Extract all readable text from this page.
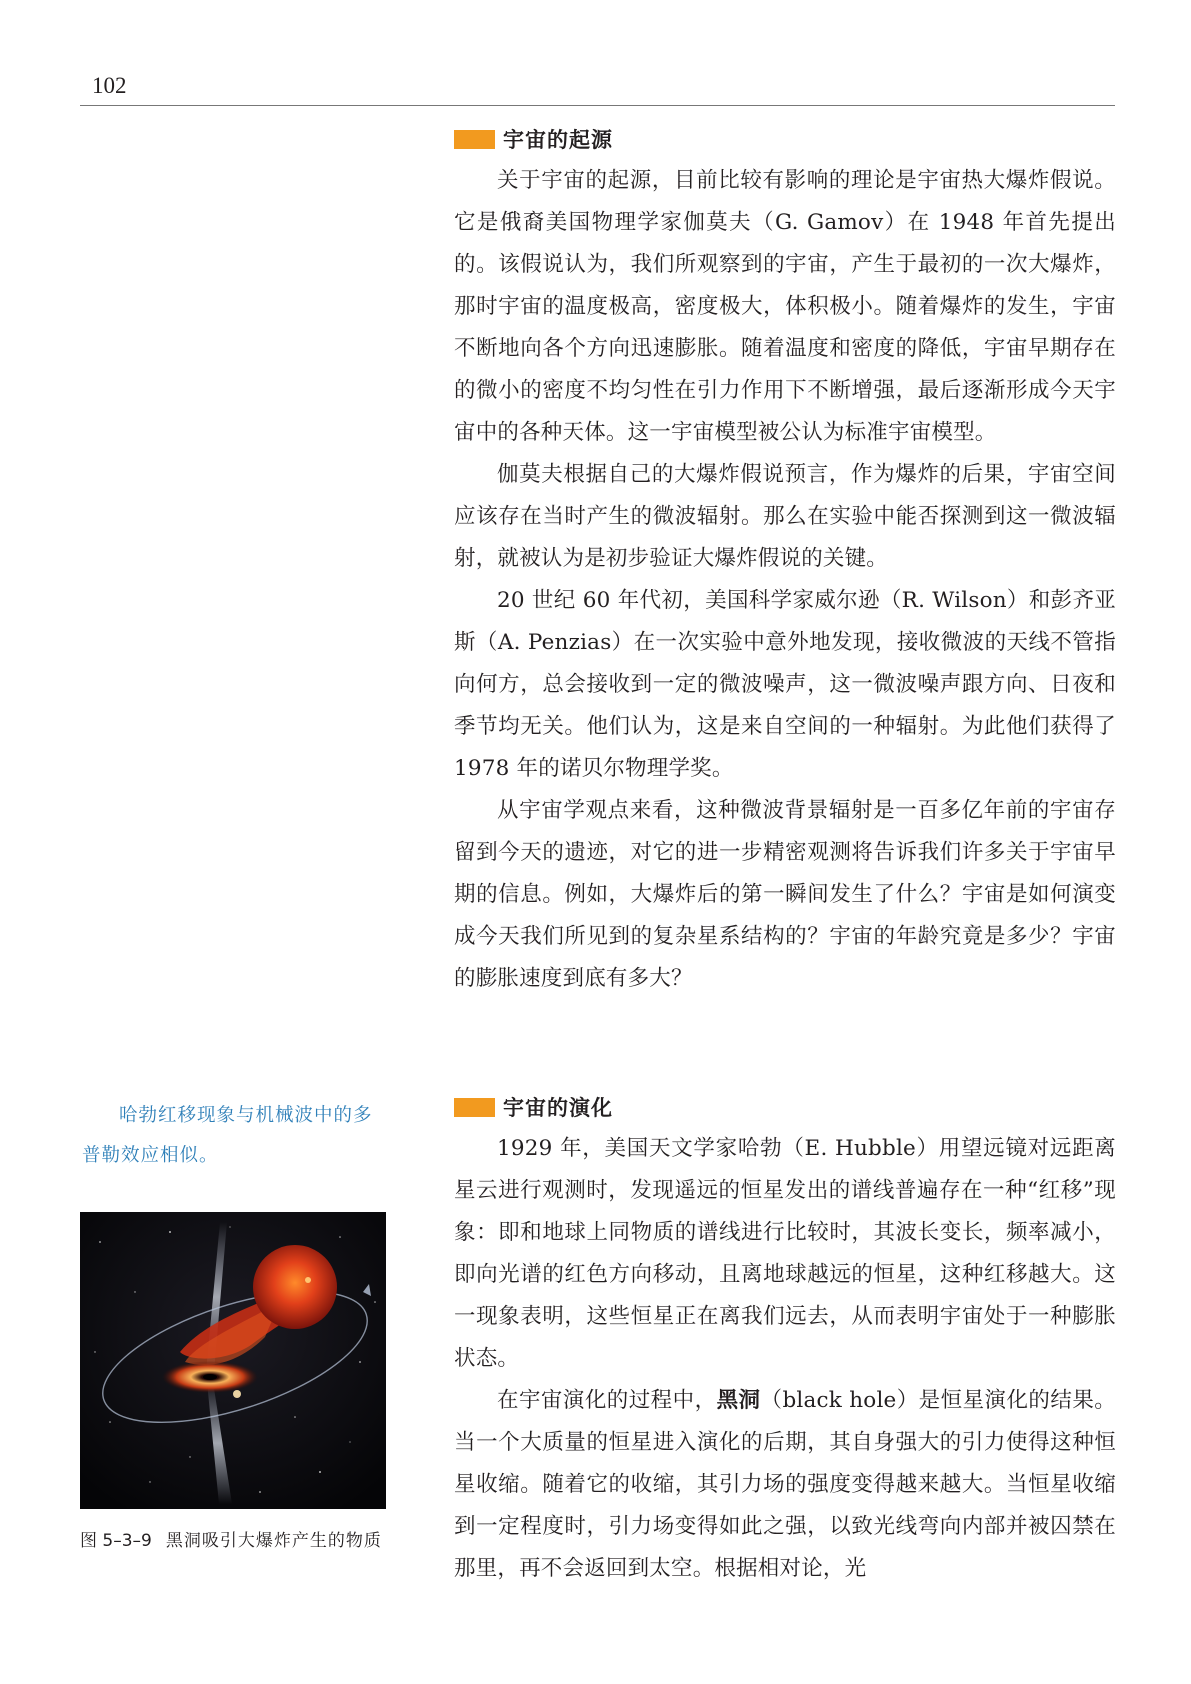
102
宇宙的起源

关于宇宙的起源，目前比较有影响的理论是宇宙热大爆炸假说。它是俄裔美国物理学家伽莫夫（G. Gamov）在 1948 年首先提出的。该假说认为，我们所观察到的宇宙，产生于最初的一次大爆炸，那时宇宙的温度极高，密度极大，体积极小。随着爆炸的发生，宇宙不断地向各个方向迅速膨胀。随着温度和密度的降低，宇宙早期存在的微小的密度不均匀性在引力作用下不断增强，最后逐渐形成今天宇宙中的各种天体。这一宇宙模型被公认为标准宇宙模型。

伽莫夫根据自己的大爆炸假说预言，作为爆炸的后果，宇宙空间应该存在当时产生的微波辐射。那么在实验中能否探测到这一微波辐射，就被认为是初步验证大爆炸假说的关键。

20 世纪 60 年代初，美国科学家威尔逊（R. Wilson）和彭齐亚斯（A. Penzias）在一次实验中意外地发现，接收微波的天线不管指向何方，总会接收到一定的微波噪声，这一微波噪声跟方向、日夜和季节均无关。他们认为，这是来自空间的一种辐射。为此他们获得了 1978 年的诺贝尔物理学奖。

从宇宙学观点来看，这种微波背景辐射是一百多亿年前的宇宙存留到今天的遗迹，对它的进一步精密观测将告诉我们许多关于宇宙早期的信息。例如，大爆炸后的第一瞬间发生了什么？宇宙是如何演变成今天我们所见到的复杂星系结构的？宇宙的年龄究竟是多少？宇宙的膨胀速度到底有多大？

宇宙的演化

1929 年，美国天文学家哈勃（E. Hubble）用望远镜对远距离星云进行观测时，发现遥远的恒星发出的谱线普遍存在一种“红移”现象：即和地球上同物质的谱线进行比较时，其波长变长，频率减小，即向光谱的红色方向移动，且离地球越远的恒星，这种红移越大。这一现象表明，这些恒星正在离我们远去，从而表明宇宙处于一种膨胀状态。

在宇宙演化的过程中，黑洞（black hole）是恒星演化的结果。当一个大质量的恒星进入演化的后期，其自身强大的引力使得这种恒星收缩。随着它的收缩，其引力场的强度变得越来越大。当恒星收缩到一定程度时，引力场变得如此之强，以致光线弯向内部并被囚禁在那里，再不会返回到太空。根据相对论，光

哈勃红移现象与机械波中的多普勒效应相似。
图 5–3–9 黑洞吸引大爆炸产生的物质
